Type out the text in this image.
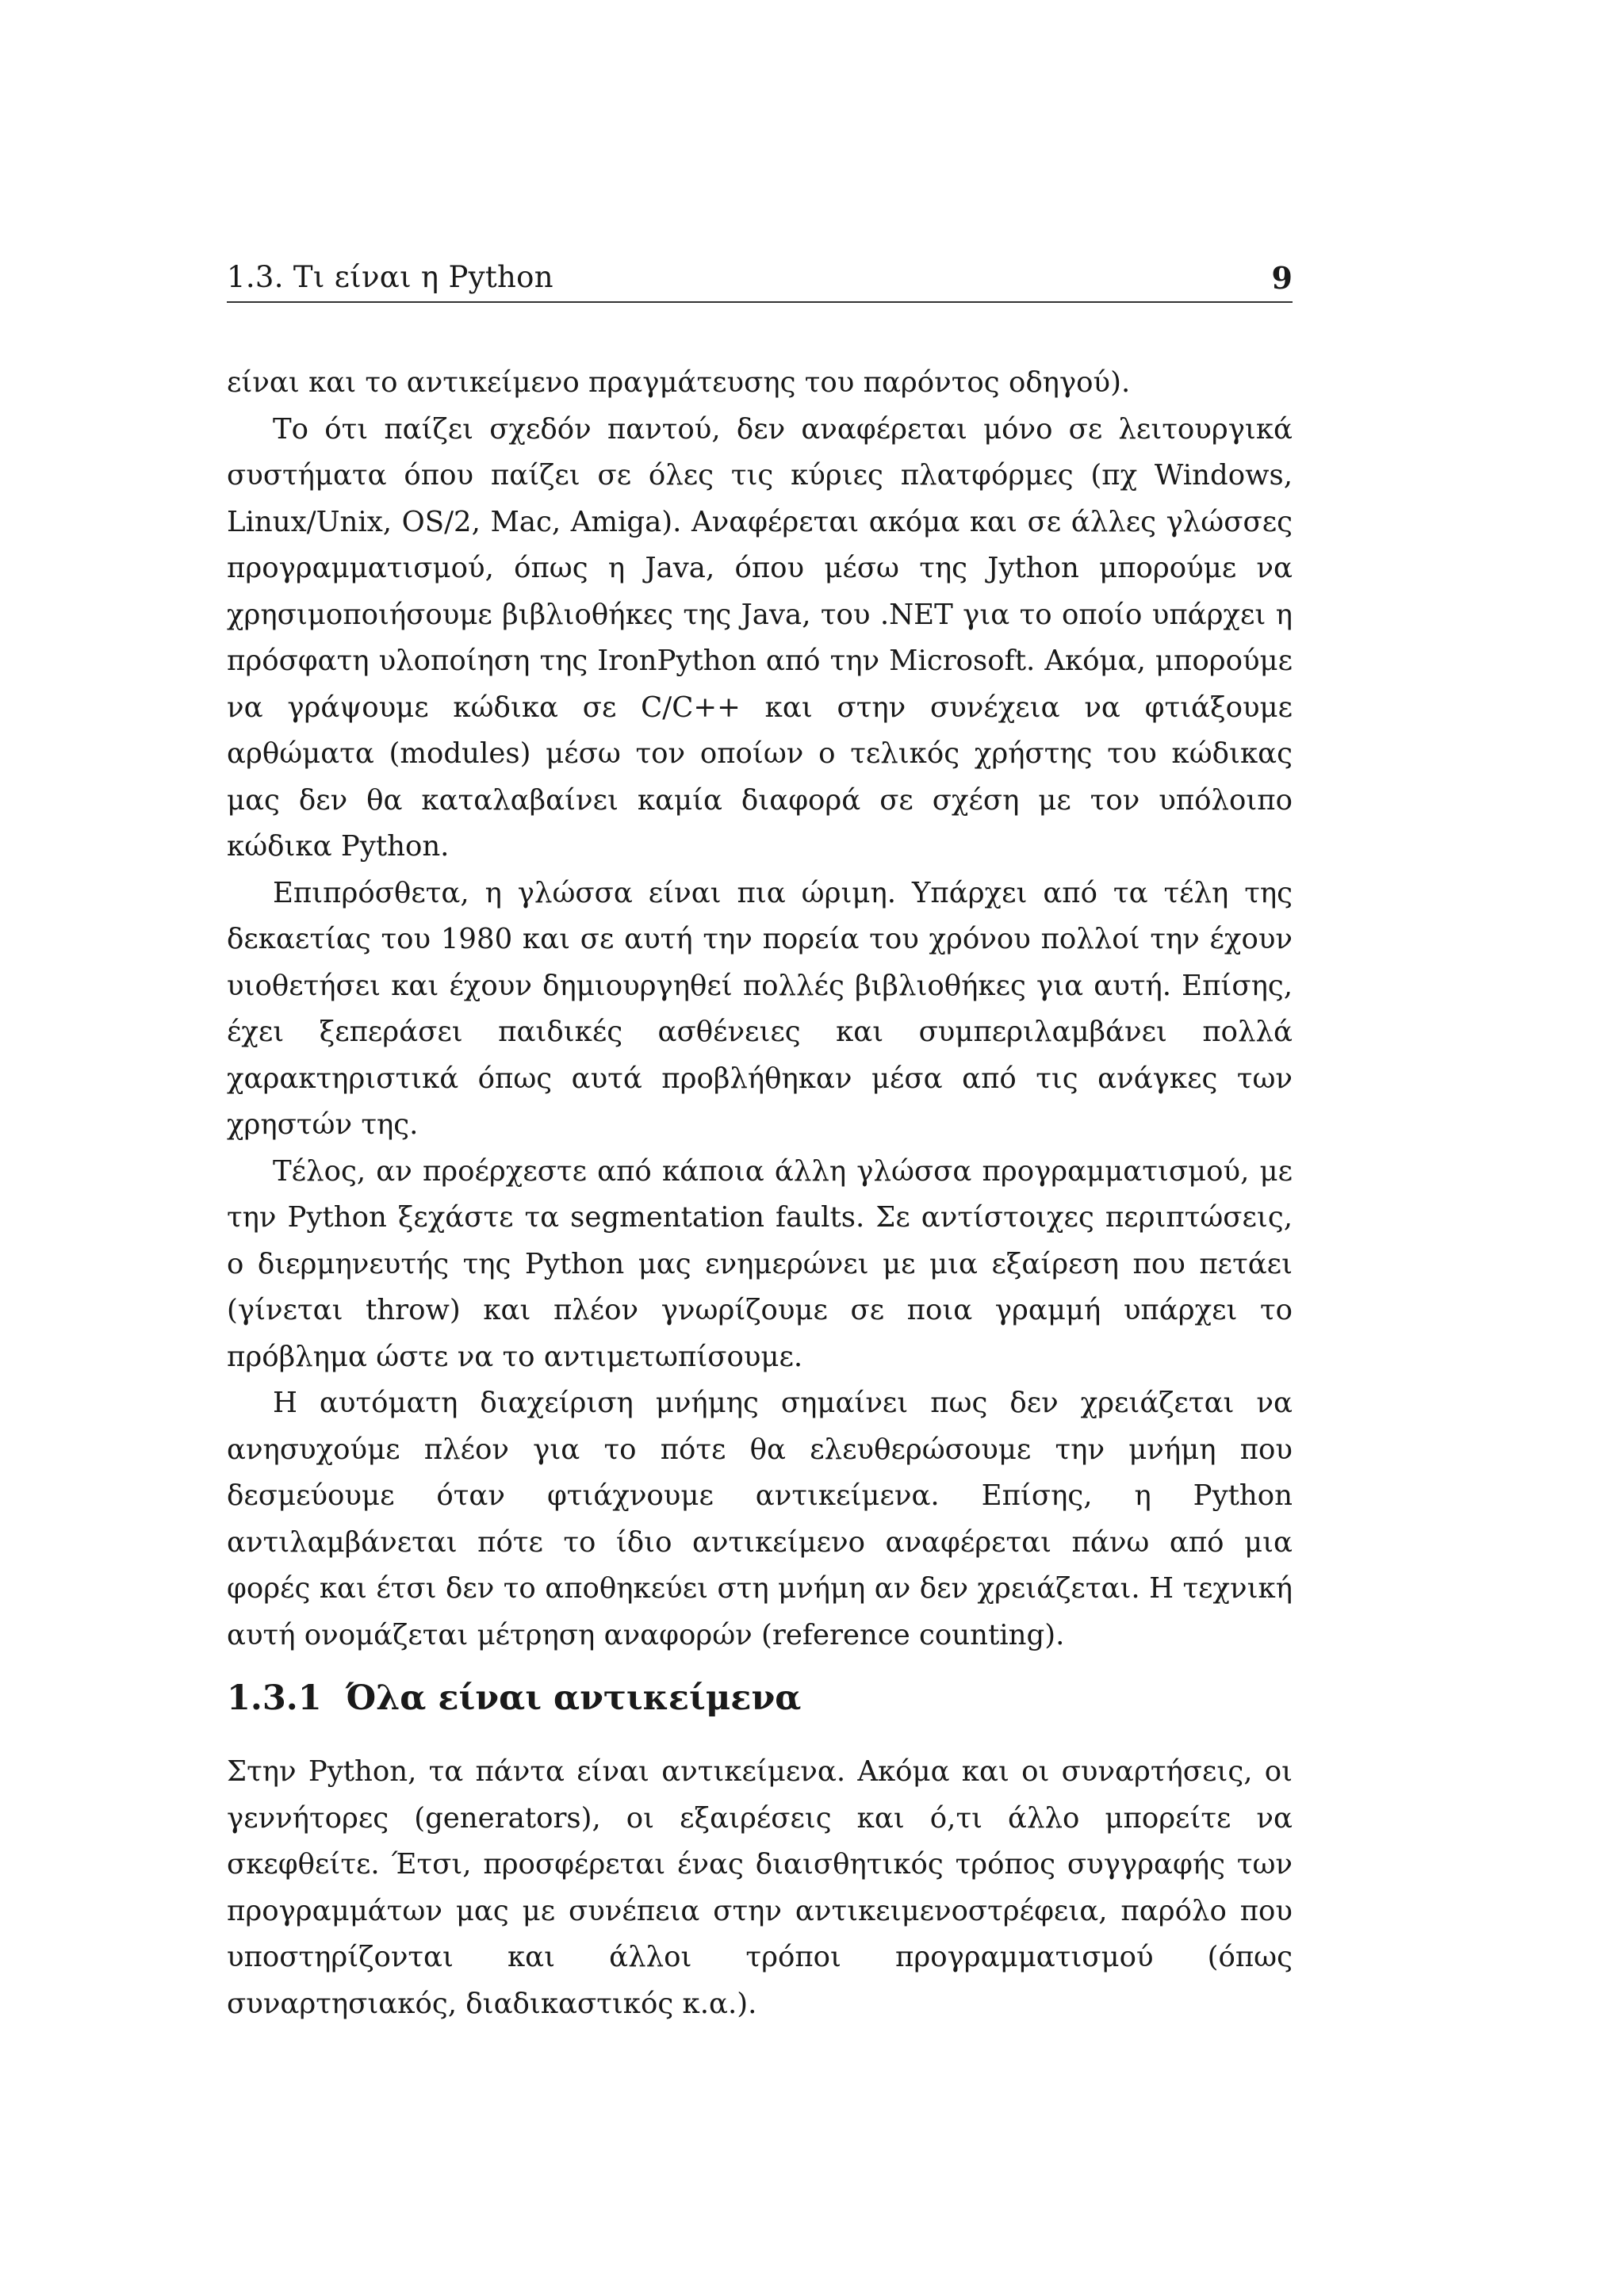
1.3. Τι είναι η Python	9

είναι και το αντικείμενο πραγμάτευσης του παρόντος οδηγού).

Το ότι παίζει σχεδόν παντού, δεν αναφέρεται μόνο σε λειτουργικά συστήματα όπου παίζει σε όλες τις κύριες πλατφόρμες (πχ Windows, Linux/Unix, OS/2, Mac, Amiga). Αναφέρεται ακόμα και σε άλλες γλώσσες προγραμματισμού, όπως η Java, όπου μέσω της Jython μπορούμε να χρησιμοποιήσουμε βιβλιοθήκες της Java, του .NET για το οποίο υπάρχει η πρόσφατη υλοποίηση της IronPython από την Microsoft. Ακόμα, μπορούμε να γράψουμε κώδικα σε C/C++ και στην συνέχεια να φτιάξουμε αρθώματα (modules) μέσω τον οποίων ο τελικός χρήστης του κώδικας μας δεν θα καταλαβαίνει καμία διαφορά σε σχέση με τον υπόλοιπο κώδικα Python.

Επιπρόσθετα, η γλώσσα είναι πια ώριμη. Υπάρχει από τα τέλη της δεκαετίας του 1980 και σε αυτή την πορεία του χρόνου πολλοί την έχουν υιοθετήσει και έχουν δημιουργηθεί πολλές βιβλιοθήκες για αυτή. Επίσης, έχει ξεπεράσει παιδικές ασθένειες και συμπεριλαμβάνει πολλά χαρακτηριστικά όπως αυτά προβλήθηκαν μέσα από τις ανάγκες των χρηστών της.

Τέλος, αν προέρχεστε από κάποια άλλη γλώσσα προγραμματισμού, με την Python ξεχάστε τα segmentation faults. Σε αντίστοιχες περιπτώσεις, ο διερμηνευτής της Python μας ενημερώνει με μια εξαίρεση που πετάει (γίνεται throw) και πλέον γνωρίζουμε σε ποια γραμμή υπάρχει το πρόβλημα ώστε να το αντιμετωπίσουμε.

Η αυτόματη διαχείριση μνήμης σημαίνει πως δεν χρειάζεται να ανησυχούμε πλέον για το πότε θα ελευθερώσουμε την μνήμη που δεσμεύουμε όταν φτιάχνουμε αντικείμενα. Επίσης, η Python αντιλαμβάνεται πότε το ίδιο αντικείμενο αναφέρεται πάνω από μια φορές και έτσι δεν το αποθηκεύει στη μνήμη αν δεν χρειάζεται. Η τεχνική αυτή ονομάζεται μέτρηση αναφορών (reference counting).

1.3.1 Όλα είναι αντικείμενα

Στην Python, τα πάντα είναι αντικείμενα. Ακόμα και οι συναρτήσεις, οι γεννήτορες (generators), οι εξαιρέσεις και ό,τι άλλο μπορείτε να σκεφθείτε. Έτσι, προσφέρεται ένας διαισθητικός τρόπος συγγραφής των προγραμμάτων μας με συνέπεια στην αντικειμενοστρέφεια, παρόλο που υποστηρίζονται και άλλοι τρόποι προγραμματισμού (όπως συναρτησιακός, διαδικαστικός κ.α.).
